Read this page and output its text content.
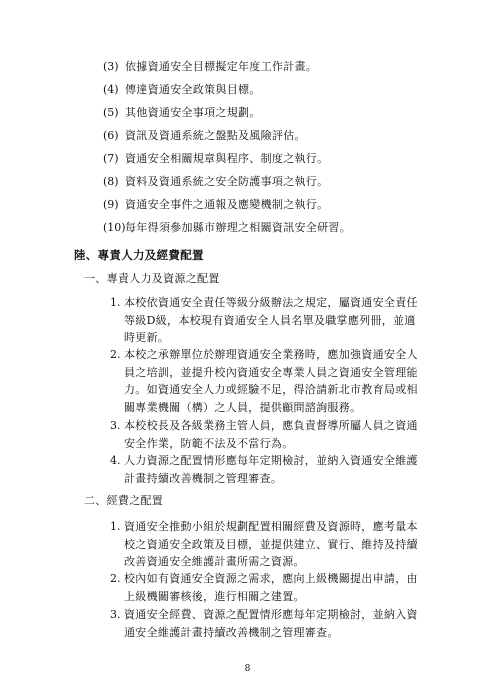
(3) 依據資通安全目標擬定年度工作計畫。
(4) 傳達資通安全政策與目標。
(5) 其他資通安全事項之規劃。
(6) 資訊及資通系統之盤點及風險評估。
(7) 資通安全相關規章與程序、制度之執行。
(8) 資料及資通系統之安全防護事項之執行。
(9) 資通安全事件之通報及應變機制之執行。
(10) 每年得須參加縣市辦理之相關資訊安全研習。
陸、專責人力及經費配置
一、專責人力及資源之配置
1. 本校依資通安全責任等級分級辦法之規定，屬資通安全責任
等級D級，本校現有資通安全人員名單及職掌應列冊，並適
時更新。
2. 本校之承辦單位於辦理資通安全業務時，應加強資通安全人
員之培訓，並提升校內資通安全專業人員之資通安全管理能
力。如資通安全人力或經驗不足，得洽請新北市教育局或相
關專業機關（構）之人員，提供顧問諮詢服務。
3. 本校校長及各級業務主管人員，應負責督導所屬人員之資通
安全作業，防範不法及不當行為。
4. 人力資源之配置情形應每年定期檢討，並納入資通安全維護
計畫持續改善機制之管理審查。
二、經費之配置
1. 資通安全推動小組於規劃配置相關經費及資源時，應考量本
校之資通安全政策及目標，並提供建立、實行、維持及持續
改善資通安全維護計畫所需之資源。
2. 校內如有資通安全資源之需求，應向上級機關提出申請，由
上級機關審核後，進行相關之建置。
3. 資通安全經費、資源之配置情形應每年定期檢討，並納入資
通安全維護計畫持續改善機制之管理審查。
8
